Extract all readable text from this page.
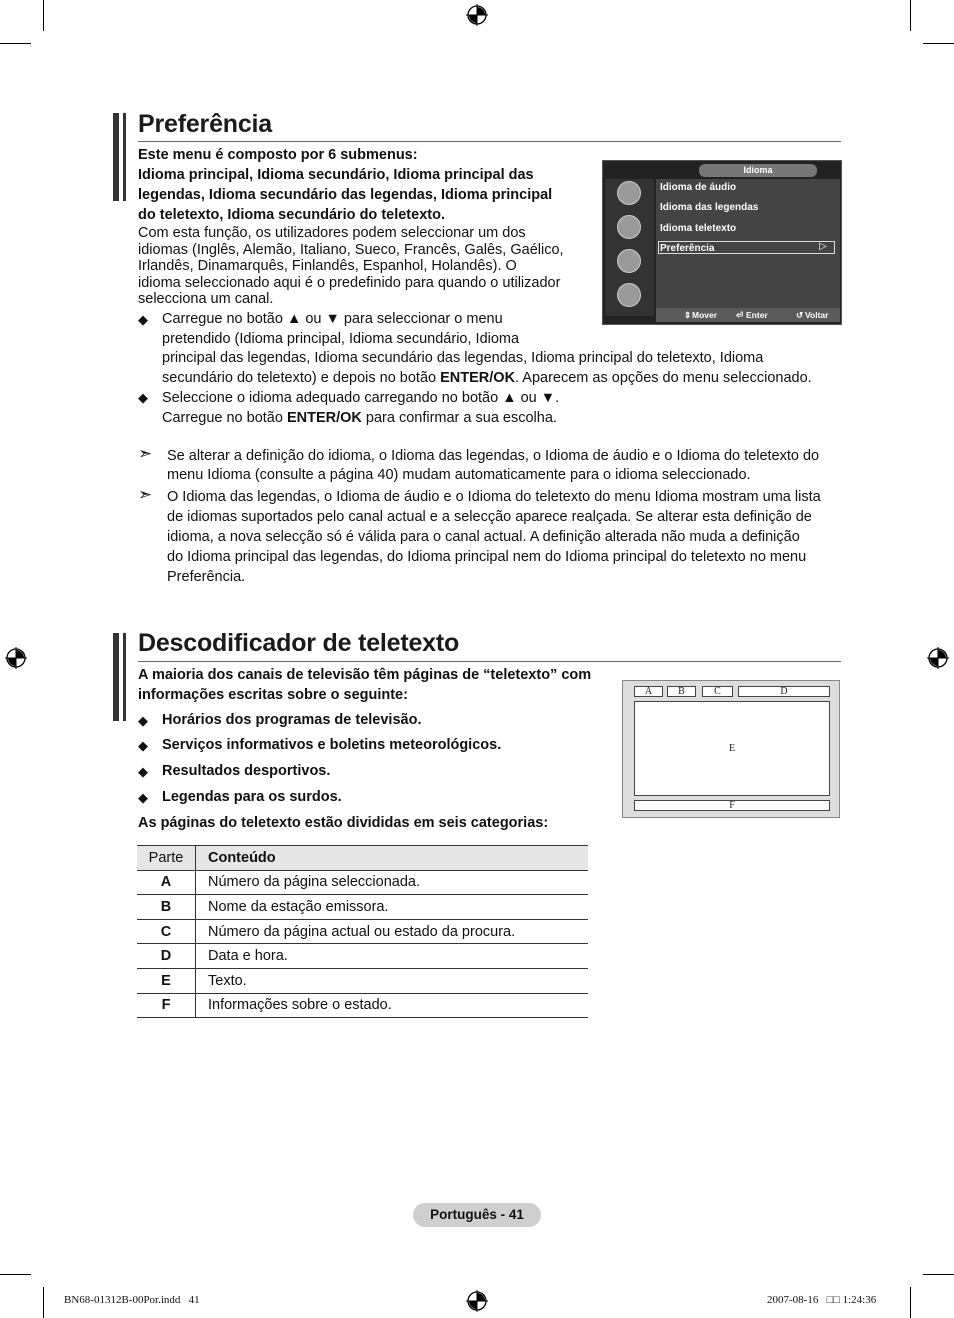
Preferência
Este menu é composto por 6 submenus:
Idioma principal, Idioma secundário, Idioma principal das
legendas, Idioma secundário das legendas, Idioma principal
do teletexto, Idioma secundário do teletexto.
Com esta função, os utilizadores podem seleccionar um dos
idiomas (Inglês, Alemão, Italiano, Sueco, Francês, Galês, Gaélico,
Irlandês, Dinamarquês, Finlandês, Espanhol, Holandês). O
idioma seleccionado aqui é o predefinido para quando o utilizador
selecciona um canal.
◆ Carregue no botão ▲ ou ▼ para seleccionar o menu
pretendido (Idioma principal, Idioma secundário, Idioma
principal das legendas, Idioma secundário das legendas, Idioma principal do teletexto, Idioma
secundário do teletexto) e depois no botão ENTER/OK. Aparecem as opções do menu seleccionado.
◆ Seleccione o idioma adequado carregando no botão ▲ ou ▼.
Carregue no botão ENTER/OK para confirmar a sua escolha.
➣ Se alterar a definição do idioma, o Idioma das legendas, o Idioma de áudio e o Idioma do teletexto do
menu Idioma (consulte a página 40) mudam automaticamente para o idioma seleccionado.
➣ O Idioma das legendas, o Idioma de áudio e o Idioma do teletexto do menu Idioma mostram uma lista
de idiomas suportados pelo canal actual e a selecção aparece realçada. Se alterar esta definição de
idioma, a nova selecção só é válida para o canal actual. A definição alterada não muda a definição
do Idioma principal das legendas, do Idioma principal nem do Idioma principal do teletexto no menu
Preferência.
Idioma
Idioma de áudio
Idioma das legendas
Idioma teletexto
Preferência	▷
⇕ Mover ⏎ Enter	↺ Voltar
Descodificador de teletexto
A maioria dos canais de televisão têm páginas de “teletexto” com
informações escritas sobre o seguinte:
◆ Horários dos programas de televisão.
◆ Serviços informativos e boletins meteorológicos.
◆ Resultados desportivos.
◆ Legendas para os surdos.
As páginas do teletexto estão divididas em seis categorias:
A	B	C	D
E
F
Parte	Conteúdo
A	Número da página seleccionada.
B	Nome da estação emissora.
C	Número da página actual ou estado da procura.
D	Data e hora.
E	Texto.
F	Informações sobre o estado.
Português - 41
BN68-01312B-00Por.indd   41	2007-08-16   □□ 1:24:36
